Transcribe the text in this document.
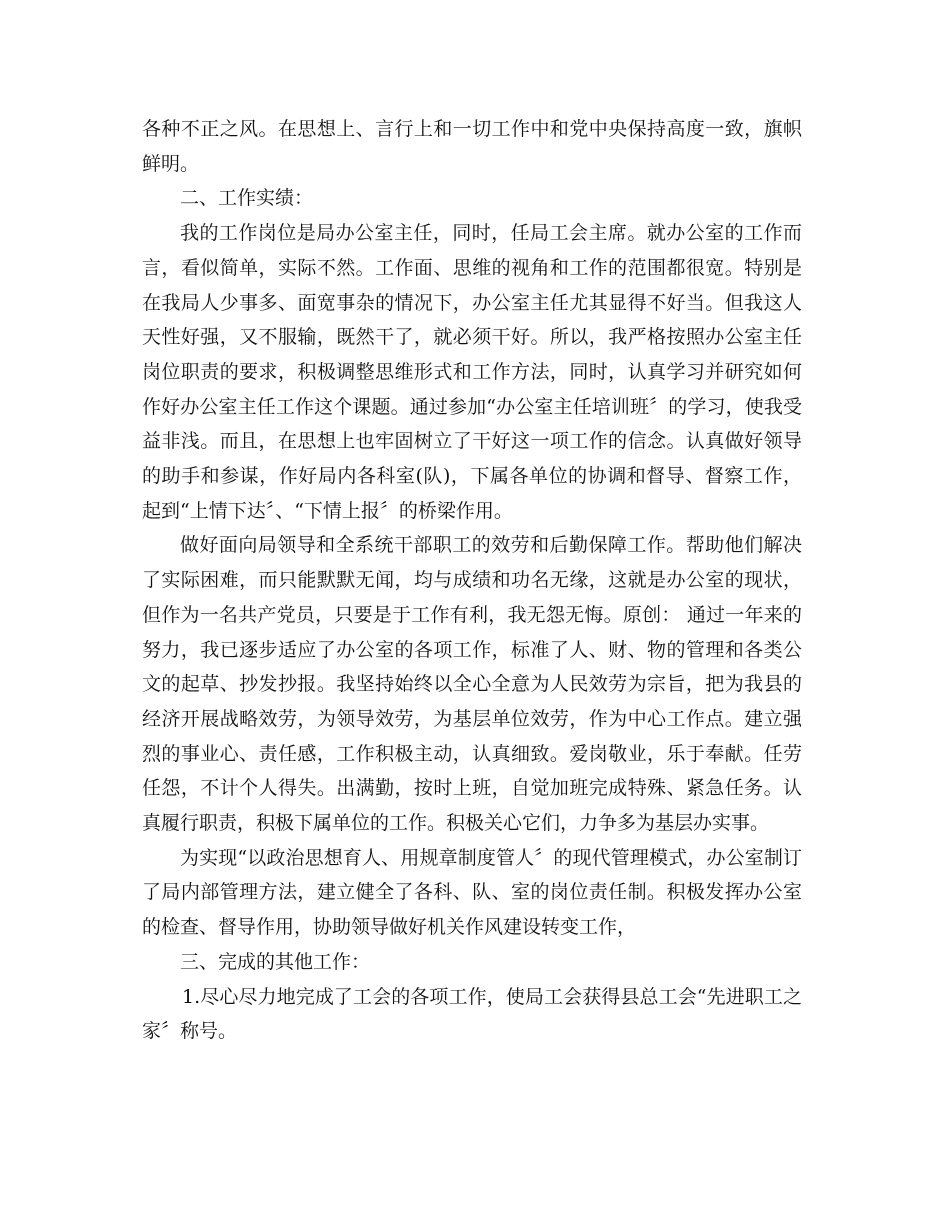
各种不正之风。在思想上、言行上和一切工作中和党中央保持高度一致，旗帜鲜明。

二、工作实绩：

我的工作岗位是局办公室主任，同时，任局工会主席。就办公室的工作而言，看似简单，实际不然。工作面、思维的视角和工作的范围都很宽。特别是在我局人少事多、面宽事杂的情况下，办公室主任尤其显得不好当。但我这人天性好强，又不服输，既然干了，就必须干好。所以，我严格按照办公室主任岗位职责的要求，积极调整思维形式和工作方法，同时，认真学习并研究如何作好办公室主任工作这个课题。通过参加“办公室主任培训班〞的学习，使我受益非浅。而且，在思想上也牢固树立了干好这一项工作的信念。认真做好领导的助手和参谋，作好局内各科室(队)，下属各单位的协调和督导、督察工作，起到“上情下达〞、“下情上报〞的桥梁作用。

做好面向局领导和全系统干部职工的效劳和后勤保障工作。帮助他们解决了实际困难，而只能默默无闻，均与成绩和功名无缘，这就是办公室的现状，但作为一名共产党员，只要是于工作有利，我无怨无悔。原创： 通过一年来的努力，我已逐步适应了办公室的各项工作，标准了人、财、物的管理和各类公文的起草、抄发抄报。我坚持始终以全心全意为人民效劳为宗旨，把为我县的经济开展战略效劳，为领导效劳，为基层单位效劳，作为中心工作点。建立强烈的事业心、责任感，工作积极主动，认真细致。爱岗敬业，乐于奉献。任劳任怨，不计个人得失。出满勤，按时上班，自觉加班完成特殊、紧急任务。认真履行职责，积极下属单位的工作。积极关心它们，力争多为基层办实事。

为实现“以政治思想育人、用规章制度管人〞的现代管理模式，办公室制订了局内部管理方法，建立健全了各科、队、室的岗位责任制。积极发挥办公室的检查、督导作用，协助领导做好机关作风建设转变工作，

三、完成的其他工作：

1.尽心尽力地完成了工会的各项工作，使局工会获得县总工会“先进职工之家〞称号。
